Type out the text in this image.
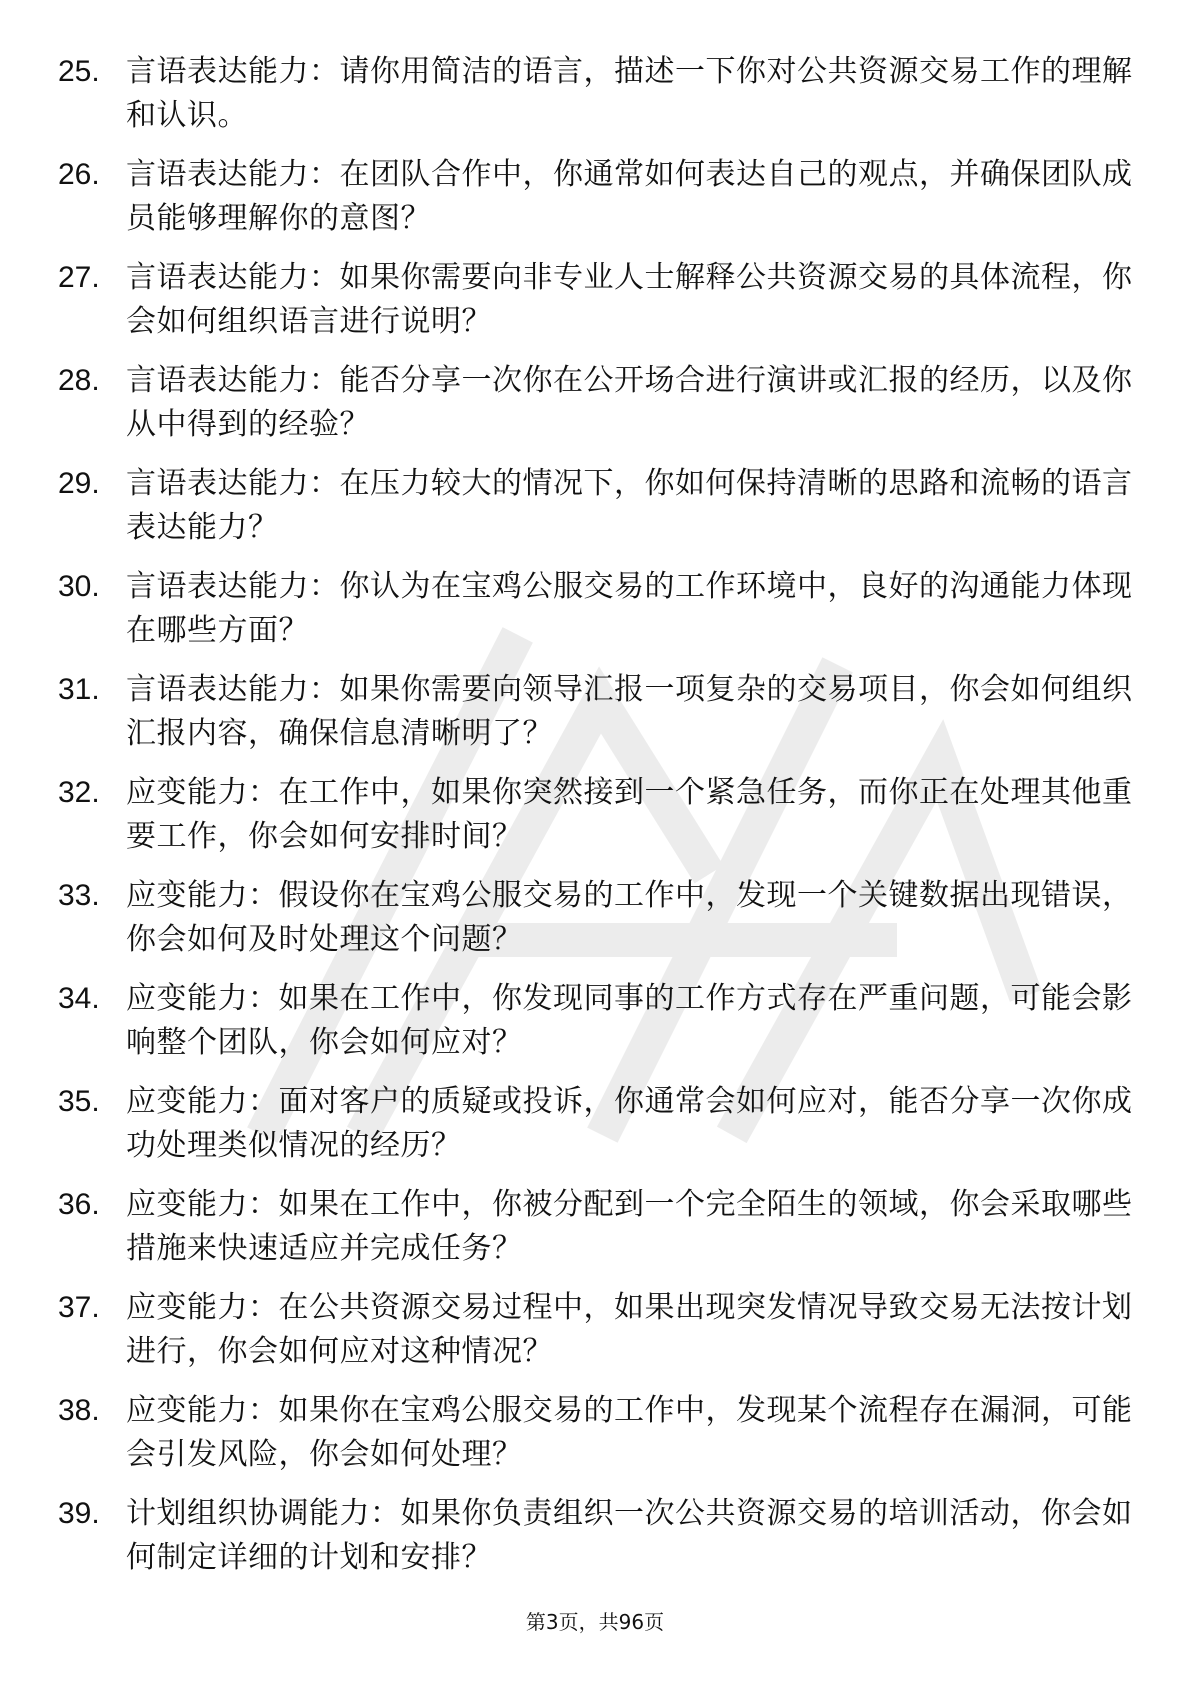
25. 言语表达能力：请你用简洁的语言，描述一下你对公共资源交易工作的理解和认识。
26. 言语表达能力：在团队合作中，你通常如何表达自己的观点，并确保团队成员能够理解你的意图？
27. 言语表达能力：如果你需要向非专业人士解释公共资源交易的具体流程，你会如何组织语言进行说明？
28. 言语表达能力：能否分享一次你在公开场合进行演讲或汇报的经历，以及你从中得到的经验？
29. 言语表达能力：在压力较大的情况下，你如何保持清晰的思路和流畅的语言表达能力？
30. 言语表达能力：你认为在宝鸡公服交易的工作环境中，良好的沟通能力体现在哪些方面？
31. 言语表达能力：如果你需要向领导汇报一项复杂的交易项目，你会如何组织汇报内容，确保信息清晰明了？
32. 应变能力：在工作中，如果你突然接到一个紧急任务，而你正在处理其他重要工作，你会如何安排时间？
33. 应变能力：假设你在宝鸡公服交易的工作中，发现一个关键数据出现错误，你会如何及时处理这个问题？
34. 应变能力：如果在工作中，你发现同事的工作方式存在严重问题，可能会影响整个团队，你会如何应对？
35. 应变能力：面对客户的质疑或投诉，你通常会如何应对，能否分享一次你成功处理类似情况的经历？
36. 应变能力：如果在工作中，你被分配到一个完全陌生的领域，你会采取哪些措施来快速适应并完成任务？
37. 应变能力：在公共资源交易过程中，如果出现突发情况导致交易无法按计划进行，你会如何应对这种情况？
38. 应变能力：如果你在宝鸡公服交易的工作中，发现某个流程存在漏洞，可能会引发风险，你会如何处理？
39. 计划组织协调能力：如果你负责组织一次公共资源交易的培训活动，你会如何制定详细的计划和安排？
第3页，共96页
